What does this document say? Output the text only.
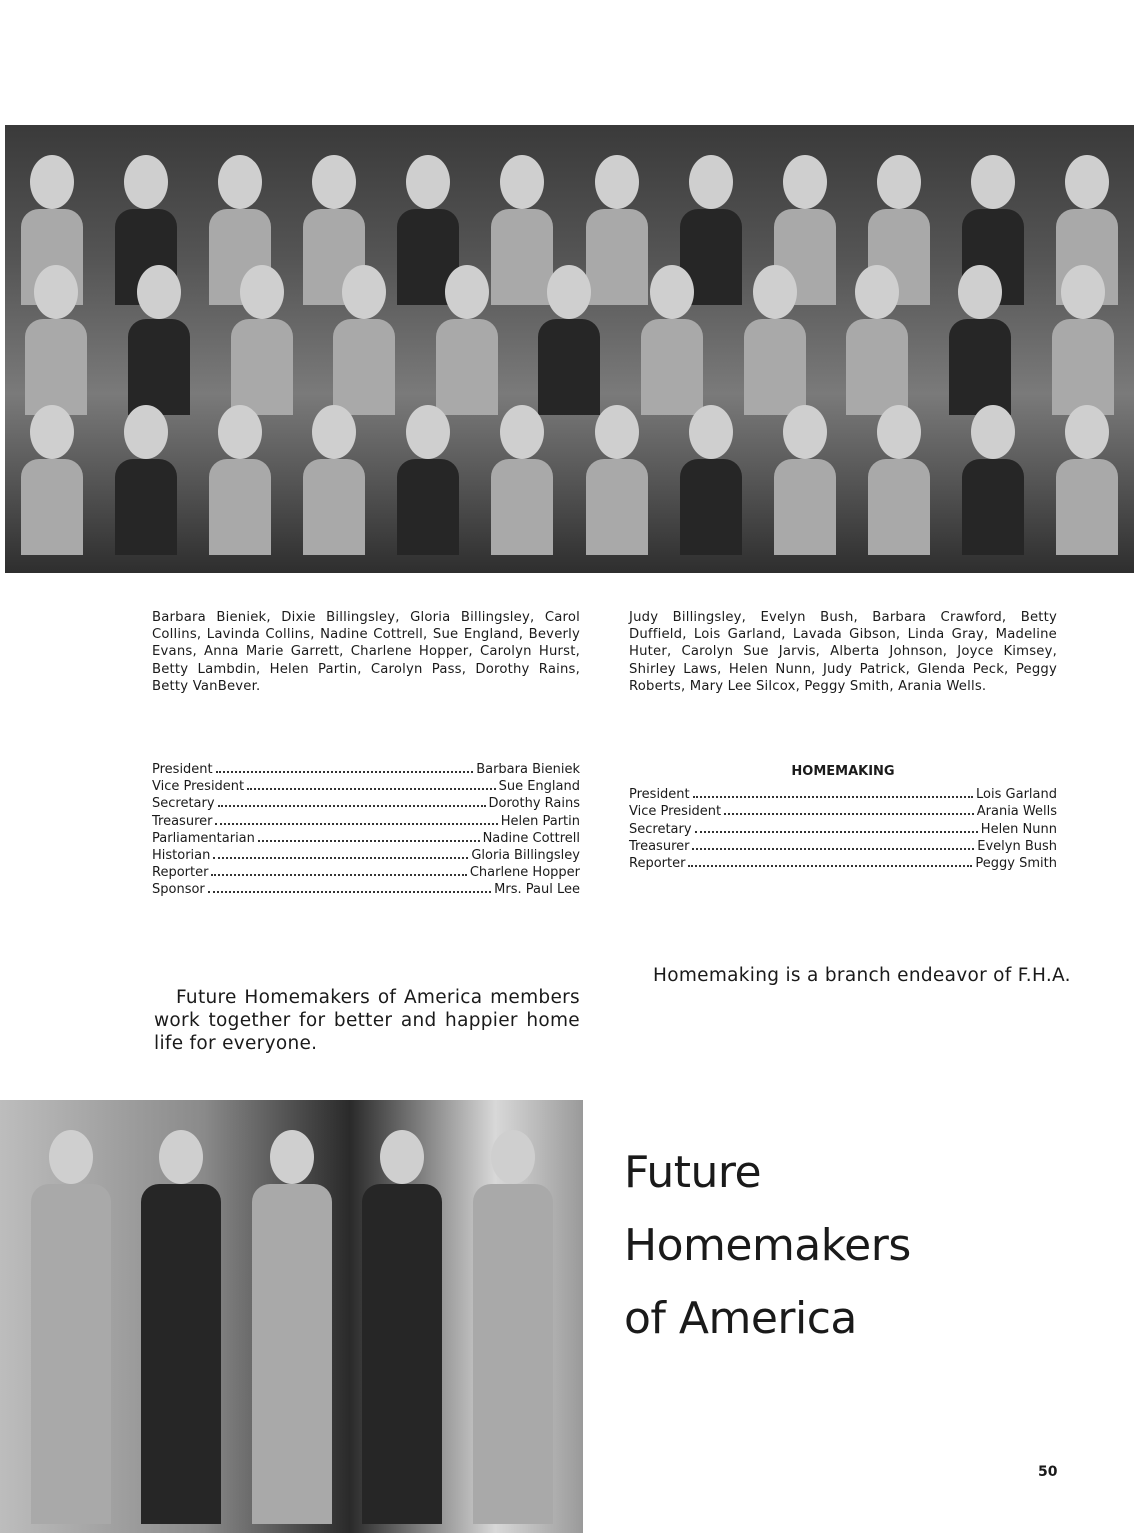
Barbara Bieniek, Dixie Billingsley, Gloria Billingsley, Carol Collins, Lavinda Collins, Nadine Cottrell, Sue England, Beverly Evans, Anna Marie Garrett, Charlene Hopper, Carolyn Hurst, Betty Lambdin, Helen Partin, Carolyn Pass, Dorothy Rains, Betty VanBever.
Judy Billingsley, Evelyn Bush, Barbara Crawford, Betty Duffield, Lois Garland, Lavada Gibson, Linda Gray, Madeline Huter, Carolyn Sue Jarvis, Alberta Johnson, Joyce Kimsey, Shirley Laws, Helen Nunn, Judy Patrick, Glenda Peck, Peggy Roberts, Mary Lee Silcox, Peggy Smith, Arania Wells.
President	Barbara Bieniek
Vice President	Sue England
Secretary	Dorothy Rains
Treasurer	Helen Partin
Parliamentarian	Nadine Cottrell
Historian	Gloria Billingsley
Reporter	Charlene Hopper
Sponsor	Mrs. Paul Lee
HOMEMAKING
President	Lois Garland
Vice President	Arania Wells
Secretary	Helen Nunn
Treasurer	Evelyn Bush
Reporter	Peggy Smith
Future Homemakers of America members work together for better and happier home life for everyone.
Homemaking is a branch endeavor of F.H.A.
Future
Homemakers
of America
50
